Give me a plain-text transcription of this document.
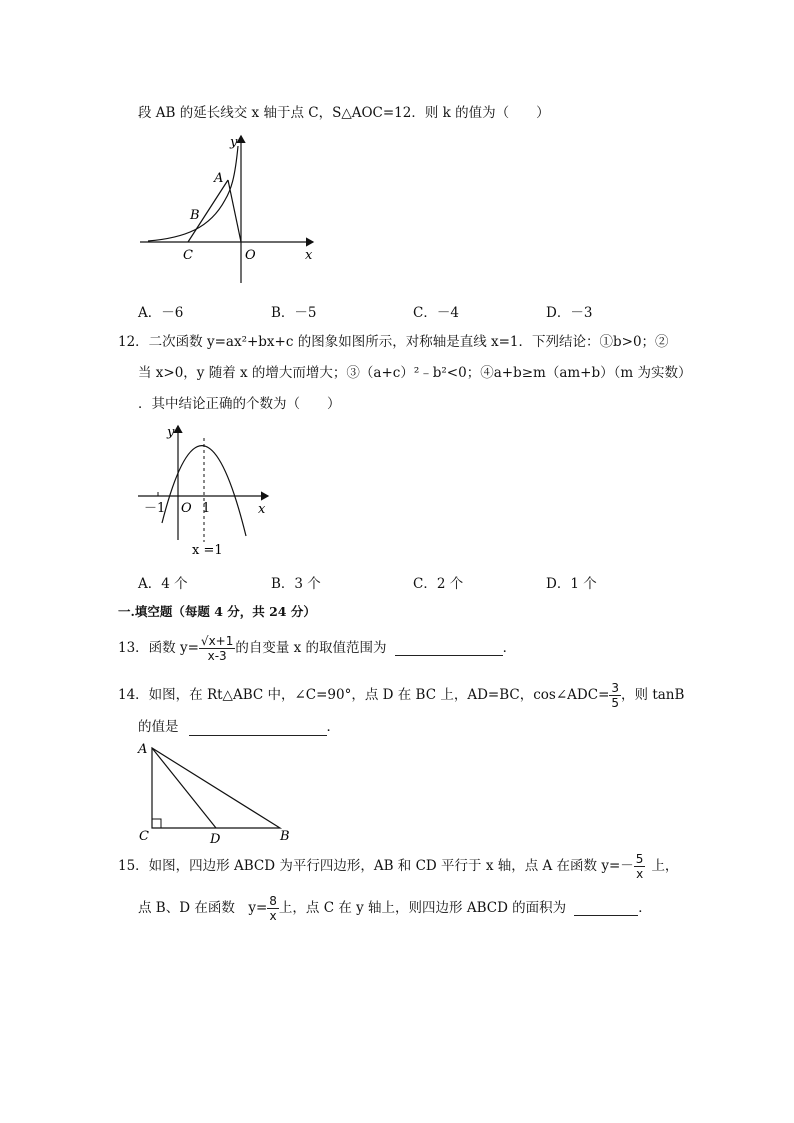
段 AB 的延长线交 x 轴于点 C，S△AOC=12．则 k 的值为（　　）
y
x
A
B
C	O
A．－6	B．－5	C．－4	D．－3
12．二次函数 y=ax²+bx+c 的图象如图所示，对称轴是直线 x=1．下列结论：①b>0；②
当 x>0，y 随着 x 的增大而增大；③（a+c）²﹣b²<0；④a+b≥m（am+b）（m 为实数）
．其中结论正确的个数为（　　）
y
x
O
－1	1
x =1
A．4 个	B．3 个	C．2 个	D．1 个
一.填空题（每题 4 分，共 24 分）
13．函数 $y= \frac{√x+1}{x-3}$ 的自变量 x 的取值范围为	．
14．如图，在 Rt△ABC 中，∠C=90°，点 D 在 BC 上，AD=BC，cos∠ADC= $\frac{3}{5}$ ，则 tanB
的值是	．
A
C	D	B
15．如图，四边形 ABCD 为平行四边形，AB 和 CD 平行于 x 轴，点 A 在函数 $y=- \frac{5}{x}$ 上，
点 B、D 在函数　$y= \frac{8}{x}$ 上，点 C 在 y 轴上，则四边形 ABCD 的面积为	．
